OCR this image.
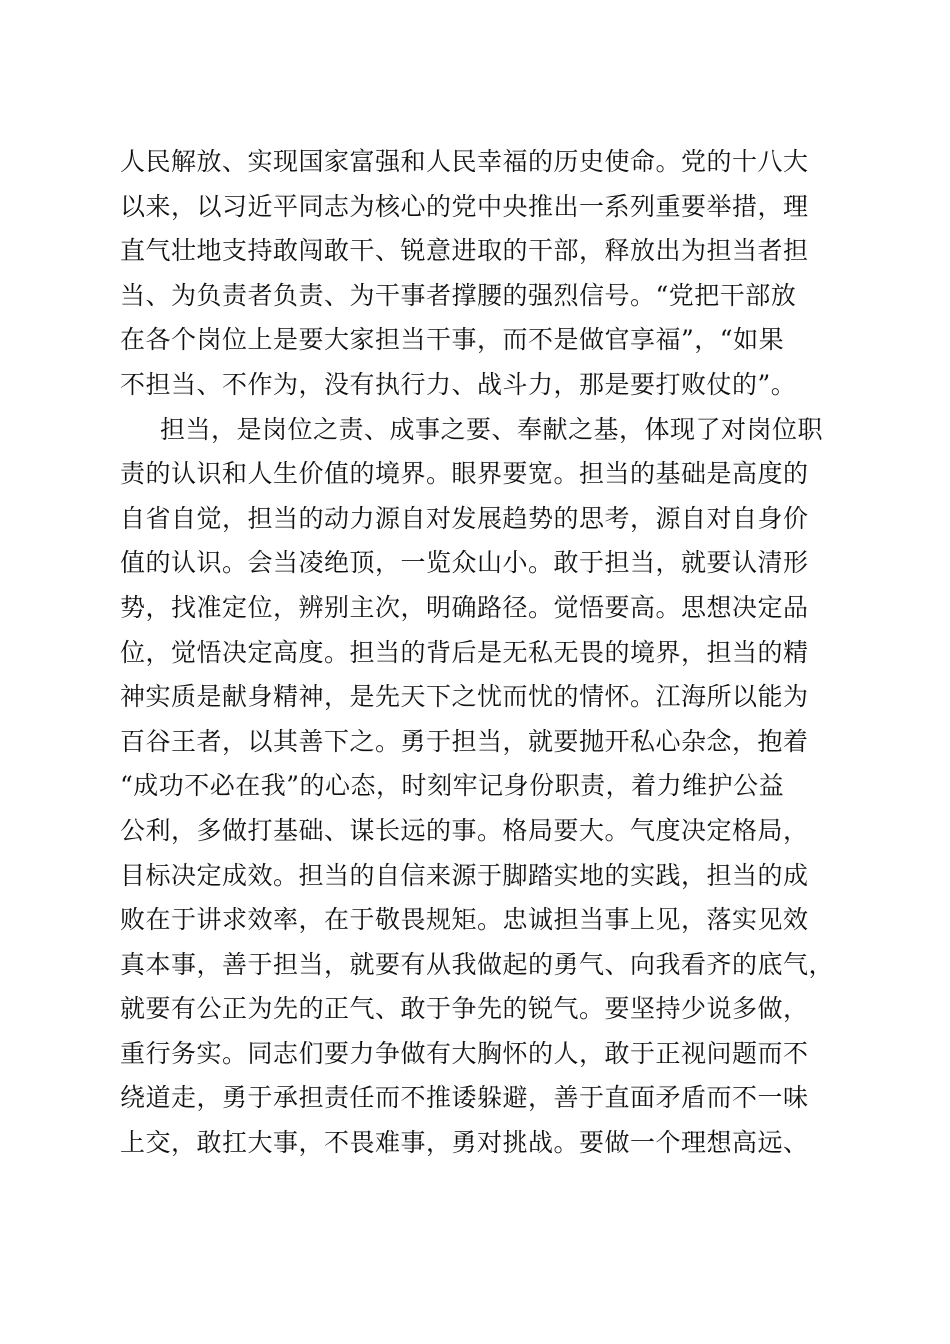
人民解放、实现国家富强和人民幸福的历史使命。党的十八大
以来，以习近平同志为核心的党中央推出一系列重要举措，理
直气壮地支持敢闯敢干、锐意进取的干部，释放出为担当者担
当、为负责者负责、为干事者撑腰的强烈信号。“党把干部放
在各个岗位上是要大家担当干事，而不是做官享福”，“如果
不担当、不作为，没有执行力、战斗力，那是要打败仗的”。
担当，是岗位之责、成事之要、奉献之基，体现了对岗位职
责的认识和人生价值的境界。眼界要宽。担当的基础是高度的
自省自觉，担当的动力源自对发展趋势的思考，源自对自身价
值的认识。会当凌绝顶，一览众山小。敢于担当，就要认清形
势，找准定位，辨别主次，明确路径。觉悟要高。思想决定品
位，觉悟决定高度。担当的背后是无私无畏的境界，担当的精
神实质是献身精神，是先天下之忧而忧的情怀。江海所以能为
百谷王者，以其善下之。勇于担当，就要抛开私心杂念，抱着
“成功不必在我”的心态，时刻牢记身份职责，着力维护公益
公利，多做打基础、谋长远的事。格局要大。气度决定格局，
目标决定成效。担当的自信来源于脚踏实地的实践，担当的成
败在于讲求效率，在于敬畏规矩。忠诚担当事上见，落实见效
真本事，善于担当，就要有从我做起的勇气、向我看齐的底气，
就要有公正为先的正气、敢于争先的锐气。要坚持少说多做，
重行务实。同志们要力争做有大胸怀的人，敢于正视问题而不
绕道走，勇于承担责任而不推诿躲避，善于直面矛盾而不一味
上交，敢扛大事，不畏难事，勇对挑战。要做一个理想高远、
